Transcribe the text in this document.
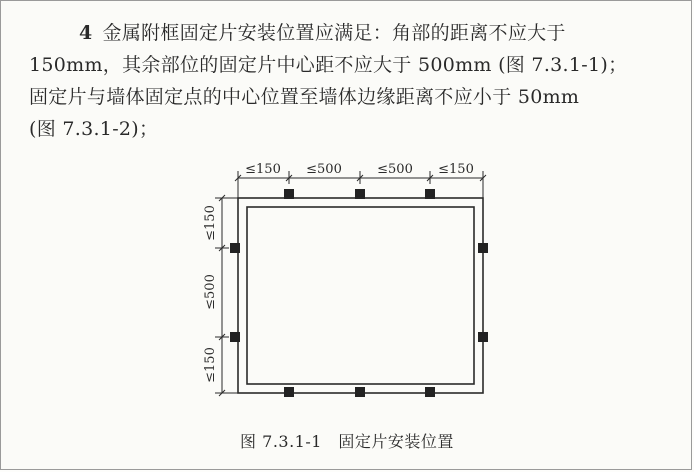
4 金属附框固定片安装位置应满足：角部的距离不应大于
150mm，其余部位的固定片中心距不应大于 500mm (图 7.3.1-1)；
固定片与墙体固定点的中心位置至墙体边缘距离不应小于 50mm
(图 7.3.1-2)；
≤150 ≤500	≤500 ≤150
≤150
≤500
≤150
图 7.3.1-1　固定片安装位置
